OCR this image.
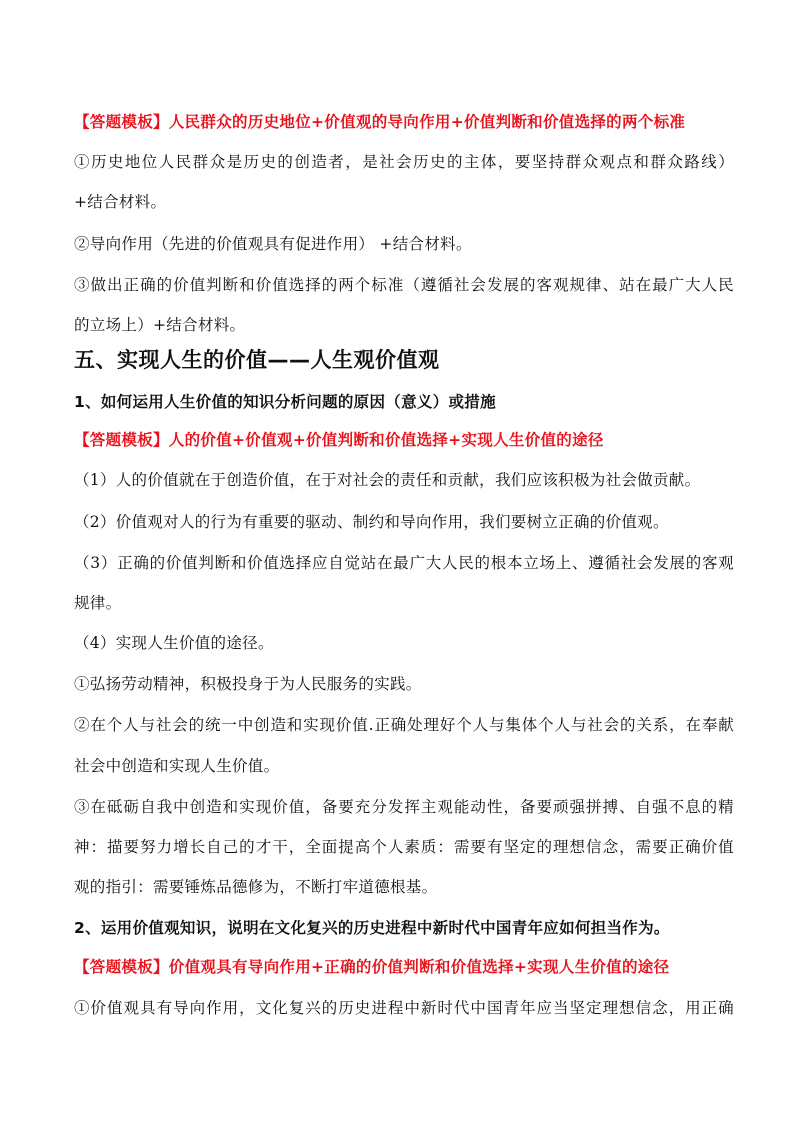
【答题模板】人民群众的历史地位+价值观的导向作用+价值判断和价值选择的两个标准
①历史地位人民群众是历史的创造者，是社会历史的主体，要坚持群众观点和群众路线）
+结合材料。
②导向作用（先进的价值观具有促进作用） +结合材料。
③做出正确的价值判断和价值选择的两个标准（遵循社会发展的客观规律、站在最广大人民
的立场上）+结合材料。
五、实现人生的价值——人生观价值观
1、如何运用人生价值的知识分析问题的原因（意义）或措施
【答题模板】人的价值+价值观+价值判断和价值选择+实现人生价值的途径
（1）人的价值就在于创造价值，在于对社会的责任和贡献，我们应该积极为社会做贡献。
（2）价值观对人的行为有重要的驱动、制约和导向作用，我们要树立正确的价值观。
（3）正确的价值判断和价值选择应自觉站在最广大人民的根本立场上、遵循社会发展的客观
规律。
（4）实现人生价值的途径。
①弘扬劳动精神，积极投身于为人民服务的实践。
②在个人与社会的统一中创造和实现价值.正确处理好个人与集体个人与社会的关系，在奉献
社会中创造和实现人生价值。
③在砥砺自我中创造和实现价值，备要充分发挥主观能动性，备要顽强拼搏、自强不息的精
神：描要努力增长自己的才干，全面提高个人素质：需要有坚定的理想信念，需要正确价值
观的指引：需要锤炼品德修为，不断打牢道德根基。
2、运用价值观知识，说明在文化复兴的历史进程中新时代中国青年应如何担当作为。
【答题模板】价值观具有导向作用+正确的价值判断和价值选择+实现人生价值的途径
①价值观具有导向作用，文化复兴的历史进程中新时代中国青年应当坚定理想信念，用正确
